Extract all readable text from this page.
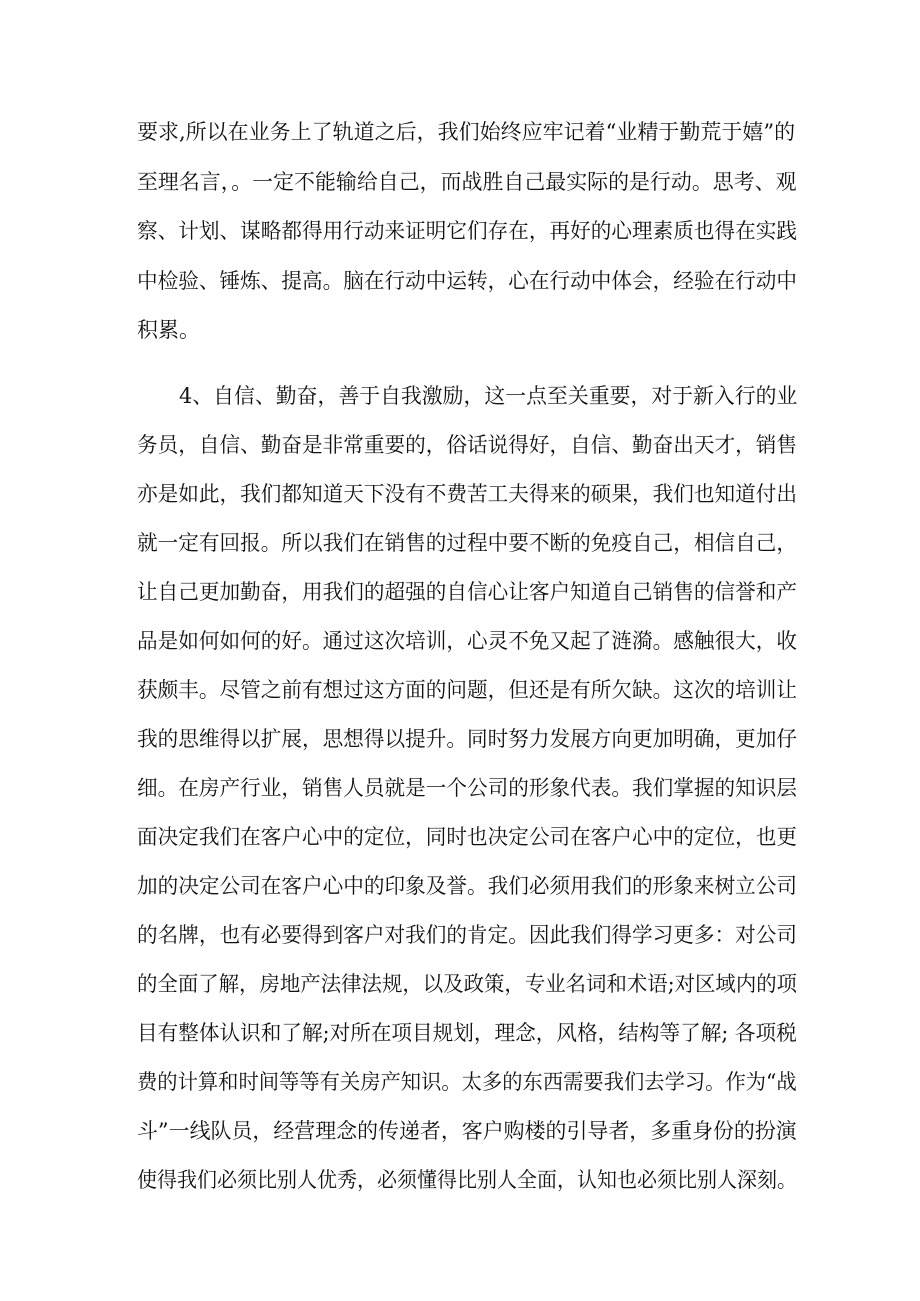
要求,所以在业务上了轨道之后，我们始终应牢记着“业精于勤荒于嬉”的
至理名言，。一定不能输给自己，而战胜自己最实际的是行动。思考、观
察、计划、谋略都得用行动来证明它们存在，再好的心理素质也得在实践
中检验、锤炼、提高。脑在行动中运转，心在行动中体会，经验在行动中
积累。
4、自信、勤奋，善于自我激励，这一点至关重要，对于新入行的业
务员，自信、勤奋是非常重要的，俗话说得好，自信、勤奋出天才，销售
亦是如此，我们都知道天下没有不费苦工夫得来的硕果，我们也知道付出
就一定有回报。所以我们在销售的过程中要不断的免疫自己，相信自己，
让自己更加勤奋，用我们的超强的自信心让客户知道自己销售的信誉和产
品是如何如何的好。通过这次培训，心灵不免又起了涟漪。感触很大，收
获颇丰。尽管之前有想过这方面的问题，但还是有所欠缺。这次的培训让
我的思维得以扩展，思想得以提升。同时努力发展方向更加明确，更加仔
细。在房产行业，销售人员就是一个公司的形象代表。我们掌握的知识层
面决定我们在客户心中的定位，同时也决定公司在客户心中的定位，也更
加的决定公司在客户心中的印象及誉。我们必须用我们的形象来树立公司
的名牌，也有必要得到客户对我们的肯定。因此我们得学习更多：对公司
的全面了解，房地产法律法规，以及政策，专业名词和术语;对区域内的项
目有整体认识和了解;对所在项目规划，理念，风格，结构等了解; 各项税
费的计算和时间等等有关房产知识。太多的东西需要我们去学习。作为“战
斗”一线队员，经营理念的传递者，客户购楼的引导者，多重身份的扮演
使得我们必须比别人优秀，必须懂得比别人全面，认知也必须比别人深刻。
